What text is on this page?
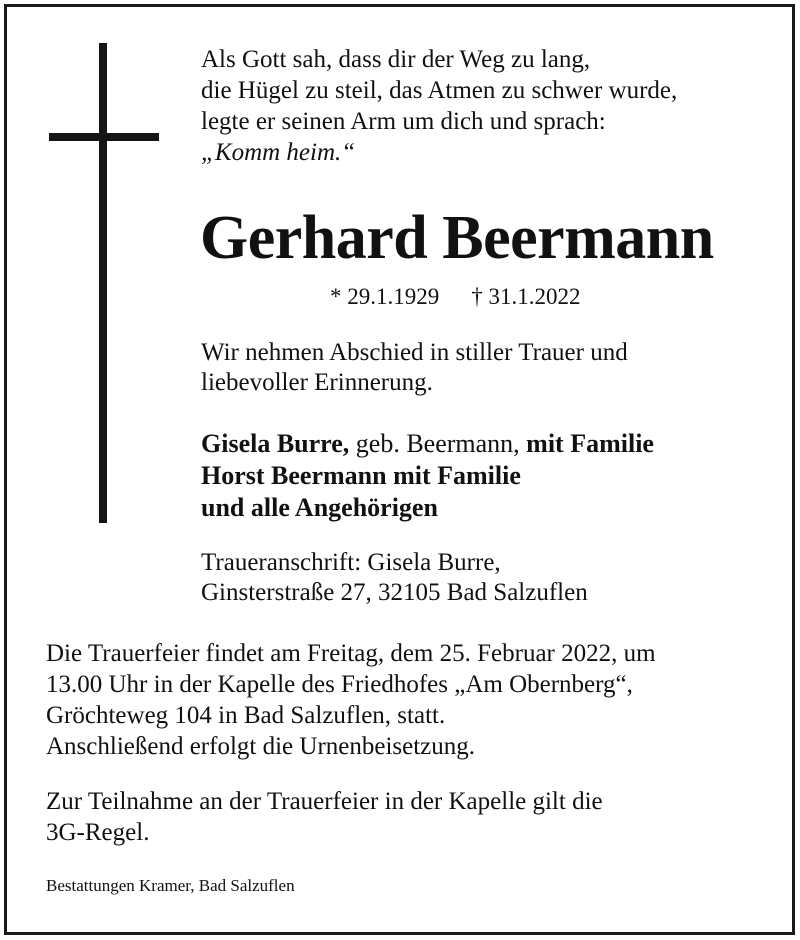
Als Gott sah, dass dir der Weg zu lang,
die Hügel zu steil, das Atmen zu schwer wurde,
legte er seinen Arm um dich und sprach:
„Komm heim.“
Gerhard Beermann
* 29.1.1929 † 31.1.2022
Wir nehmen Abschied in stiller Trauer und
liebevoller Erinnerung.
Gisela Burre, geb. Beermann, mit Familie
Horst Beermann mit Familie
und alle Angehörigen
Traueranschrift: Gisela Burre,
Ginsterstraße 27, 32105 Bad Salzuflen
Die Trauerfeier findet am Freitag, dem 25. Februar 2022, um
13.00 Uhr in der Kapelle des Friedhofes „Am Obernberg“,
Gröchteweg 104 in Bad Salzuflen, statt.
Anschließend erfolgt die Urnenbeisetzung.
Zur Teilnahme an der Trauerfeier in der Kapelle gilt die
3G-Regel.
Bestattungen Kramer, Bad Salzuflen
